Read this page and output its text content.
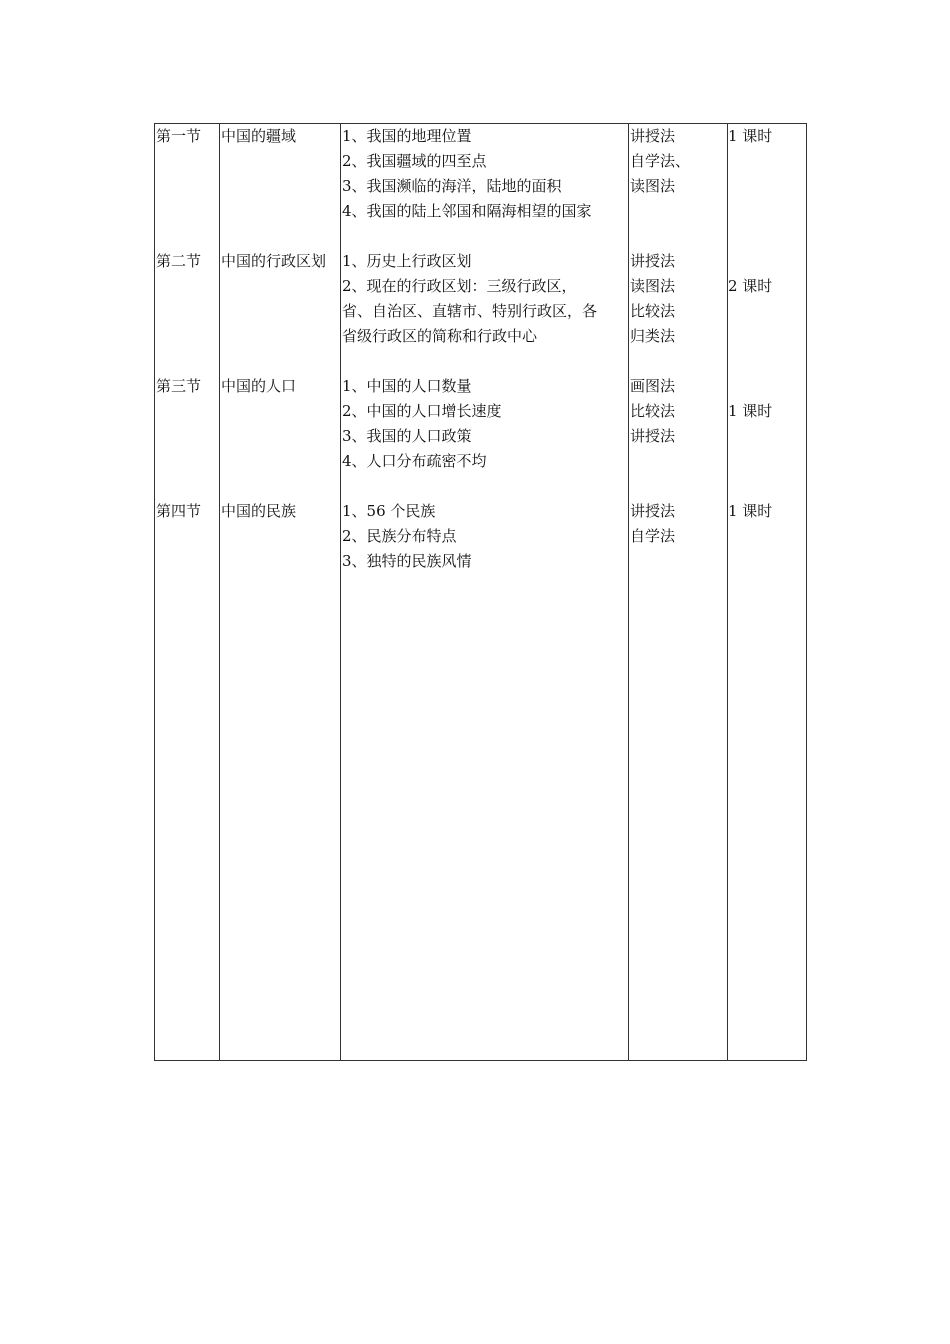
第一节
第二节
第三节
第四节
中国的疆域
中国的行政区划
中国的人口
中国的民族
1、我国的地理位置
2、我国疆域的四至点
3、我国濒临的海洋，陆地的面积
4、我国的陆上邻国和隔海相望的国家
1、历史上行政区划
2、现在的行政区划：三级行政区，
省、自治区、直辖市、特别行政区，各
省级行政区的简称和行政中心
1、中国的人口数量
2、中国的人口增长速度
3、我国的人口政策
4、人口分布疏密不均
1、56 个民族
2、民族分布特点
3、独特的民族风情
讲授法
自学法、
读图法
讲授法
读图法
比较法
归类法
画图法
比较法
讲授法
讲授法
自学法
1 课时
2 课时
1 课时
1 课时
